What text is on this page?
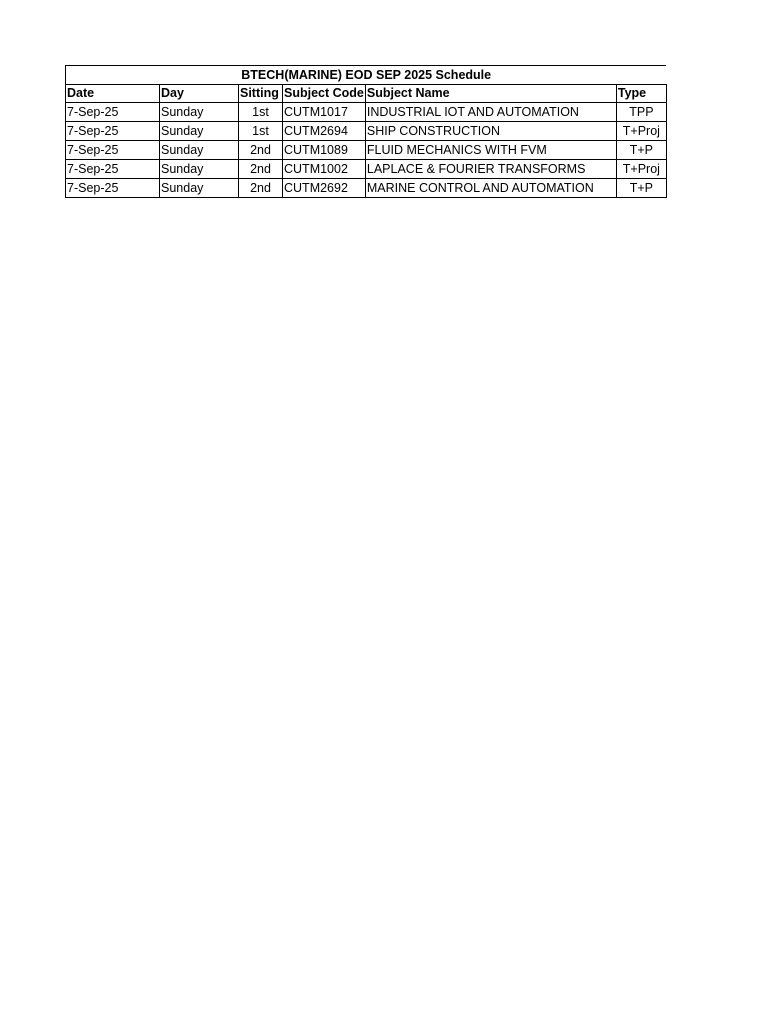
BTECH(MARINE) EOD SEP 2025 Schedule					
Date	Day	Sitting	Subject Code	Subject Name	Type
7-Sep-25	Sunday	1st	CUTM1017	INDUSTRIAL IOT AND AUTOMATION	TPP
7-Sep-25	Sunday	1st	CUTM2694	SHIP CONSTRUCTION	T+Proj
7-Sep-25	Sunday	2nd	CUTM1089	FLUID MECHANICS WITH FVM	T+P
7-Sep-25	Sunday	2nd	CUTM1002	LAPLACE & FOURIER TRANSFORMS	T+Proj
7-Sep-25	Sunday	2nd	CUTM2692	MARINE CONTROL AND AUTOMATION	T+P
